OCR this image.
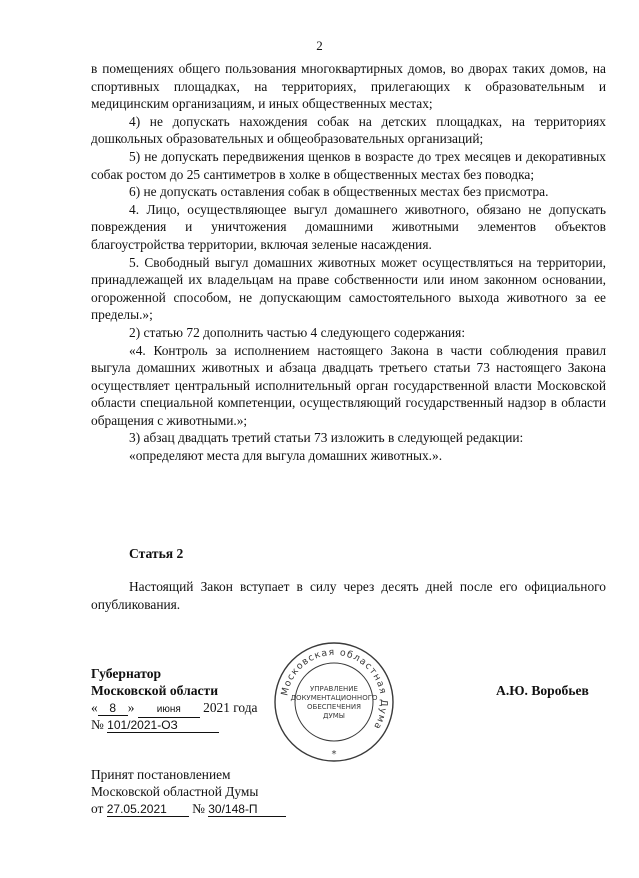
2

в помещениях общего пользования многоквартирных домов, во дворах таких домов, на спортивных площадках, на территориях, прилегающих к образовательным и медицинским организациям, и иных общественных местах;

4) не допускать нахождения собак на детских площадках, на территориях дошкольных образовательных и общеобразовательных организаций;

5) не допускать передвижения щенков в возрасте до трех месяцев и декоративных собак ростом до 25 сантиметров в холке в общественных местах без поводка;

6) не допускать оставления собак в общественных местах без присмотра.

4. Лицо, осуществляющее выгул домашнего животного, обязано не допускать повреждения и уничтожения домашними животными элементов объектов благоустройства территории, включая зеленые насаждения.

5. Свободный выгул домашних животных может осуществляться на территории, принадлежащей их владельцам на праве собственности или ином законном основании, огороженной способом, не допускающим самостоятельного выхода животного за ее пределы.»;

2) статью 72 дополнить частью 4 следующего содержания:

«4. Контроль за исполнением настоящего Закона в части соблюдения правил выгула домашних животных и абзаца двадцать третьего статьи 73 настоящего Закона осуществляет центральный исполнительный орган государственной власти Московской области специальной компетенции, осуществляющий государственный надзор в области обращения с животными.»;

3) абзац двадцать третий статьи 73 изложить в следующей редакции:

«определяют места для выгула домашних животных.».

Статья 2

Настоящий Закон вступает в силу через десять дней после его официального опубликования.

Губернатор
Московской области	А.Ю. Воробьев
« 8 » июня 2021 года
№ 101/2021-ОЗ
Принят постановлением
Московской областной Думы
от 27.05.2021 № 30/148-П
Московская областная Дума
УПРАВЛЕНИЕ ДОКУМЕНТАЦИОННОГО ОБЕСПЕЧЕНИЯ ДУМЫ
*
